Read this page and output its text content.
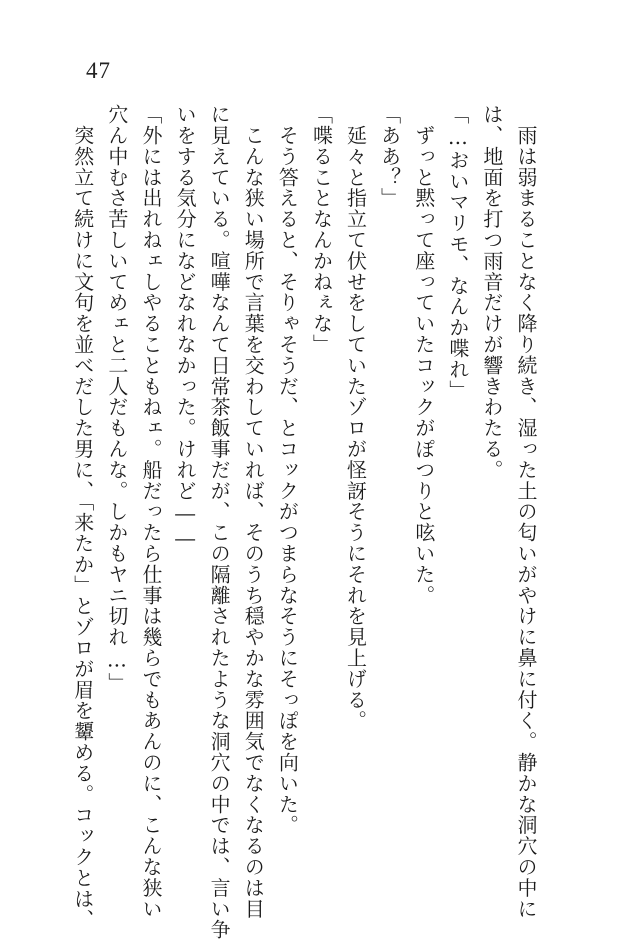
47
　雨は弱まることなく降り続き、湿った土の匂いがやけに鼻に付く。静かな洞穴の中に
は、地面を打つ雨音だけが響きわたる。
「…おいマリモ、なんか喋れ」
　ずっと黙って座っていたコックがぽつりと呟いた。
「ああ？」
　延々と指立て伏せをしていたゾロが怪訝そうにそれを見上げる。
「喋ることなんかねぇな」
　そう答えると、そりゃそうだ、とコックがつまらなそうにそっぽを向いた。
　こんな狭い場所で言葉を交わしていれば、そのうち穏やかな雰囲気でなくなるのは目
に見えている。喧嘩なんて日常茶飯事だが、この隔離されたような洞穴の中では、言い争
いをする気分になどなれなかった。けれど――
「外には出れねェしやることもねェ。船だったら仕事は幾らでもあんのに、こんな狭い
穴ん中むさ苦しいてめェと二人だもんな。しかもヤニ切れ…」
　突然立て続けに文句を並べだした男に、「来たか」とゾロが眉を顰める。コックとは、
